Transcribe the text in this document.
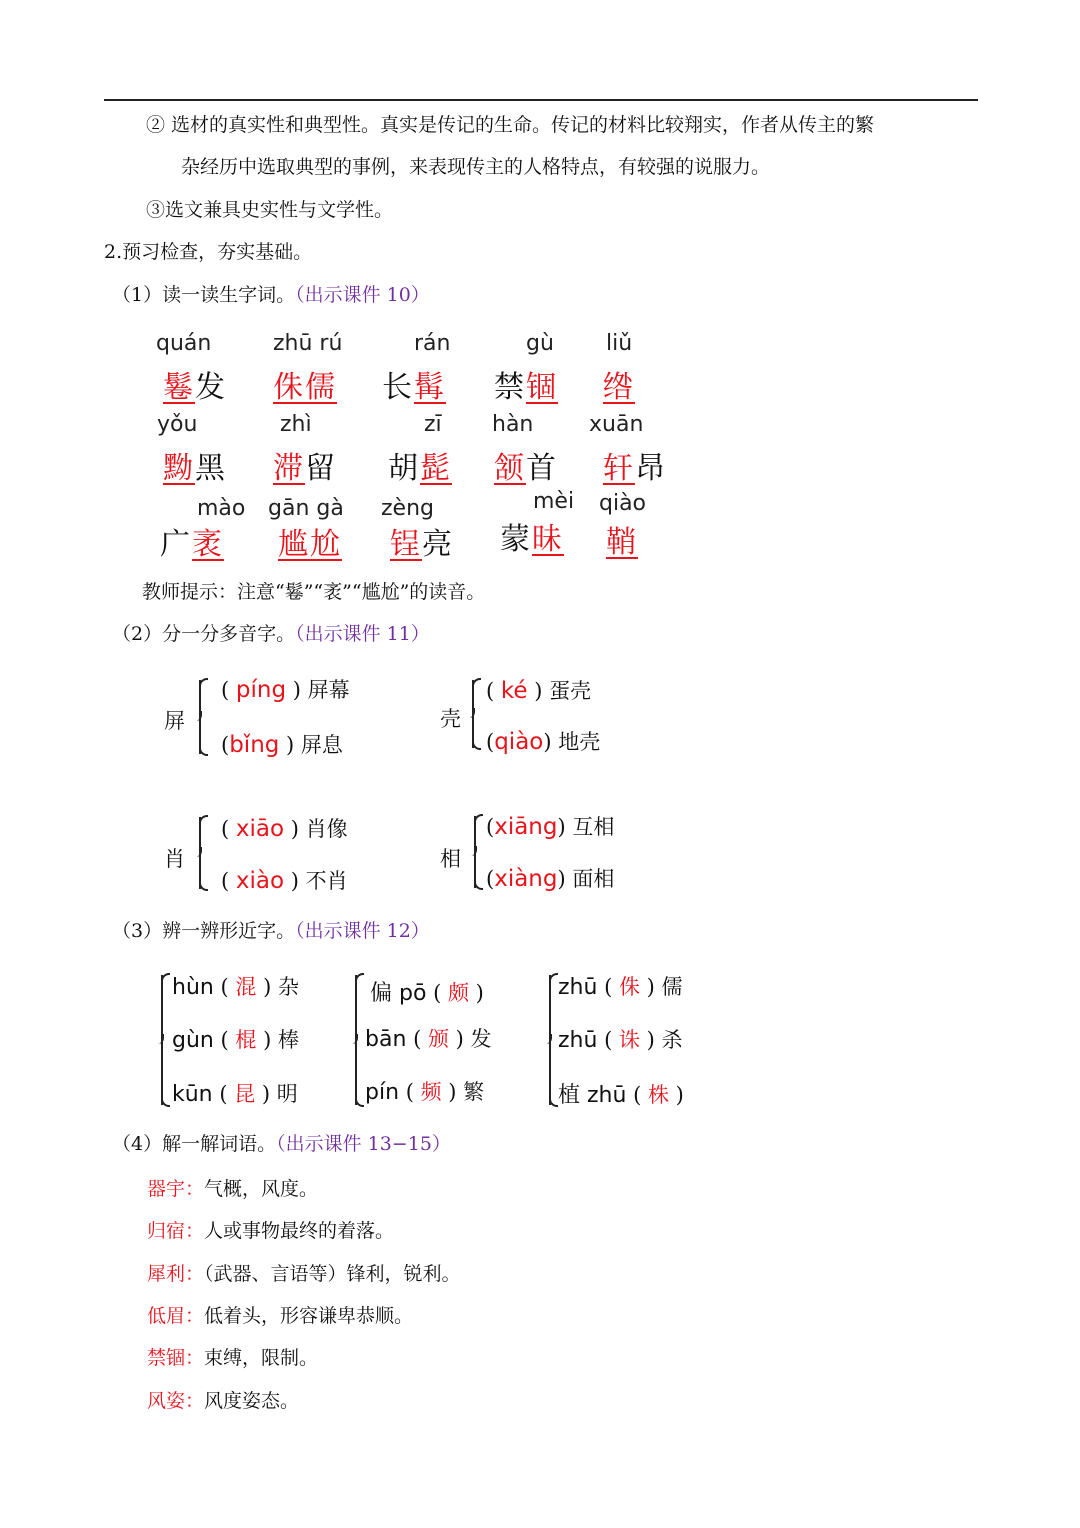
② 选材的真实性和典型性。真实是传记的生命。传记的材料比较翔实，作者从传主的繁
杂经历中选取典型的事例，来表现传主的人格特点，有较强的说服力。
③选文兼具史实性与文学性。
2.预习检查，夯实基础。
（1）读一读生字词。（出示课件 10）
quán
鬈发
zhū rú
侏儒
rán
长髯
gù
禁锢
liǔ
绺
yǒu
黝黑
zhì
滞留
zī
胡髭
hàn
颔首
xuān
轩昂
mào
广袤
gān gà
尴尬
zèng
锃亮
mèi
蒙昧
qiào
鞘
教师提示：注意“鬈”“袤”“尴尬”的读音。
（2）分一分多音字。（出示课件 11）
屏
( píng ) 屏幕
(bǐng ) 屏息
壳
( ké ) 蛋壳
(qiào) 地壳
肖
( xiāo ) 肖像
( xiào ) 不肖
相
(xiāng) 互相
(xiàng) 面相
（3）辨一辨形近字。（出示课件 12）
hùn ( 混 ) 杂
gùn ( 棍 ) 棒
kūn ( 昆 ) 明
偏 pō ( 颇 )
bān ( 颁 ) 发
pín ( 频 ) 繁
zhū ( 侏 ) 儒
zhū ( 诛 ) 杀
植 zhū ( 株 )
（4）解一解词语。（出示课件 13−15）
器宇：气概，风度。
归宿：人或事物最终的着落。
犀利：（武器、言语等）锋利，锐利。
低眉：低着头，形容谦卑恭顺。
禁锢：束缚，限制。
风姿：风度姿态。
